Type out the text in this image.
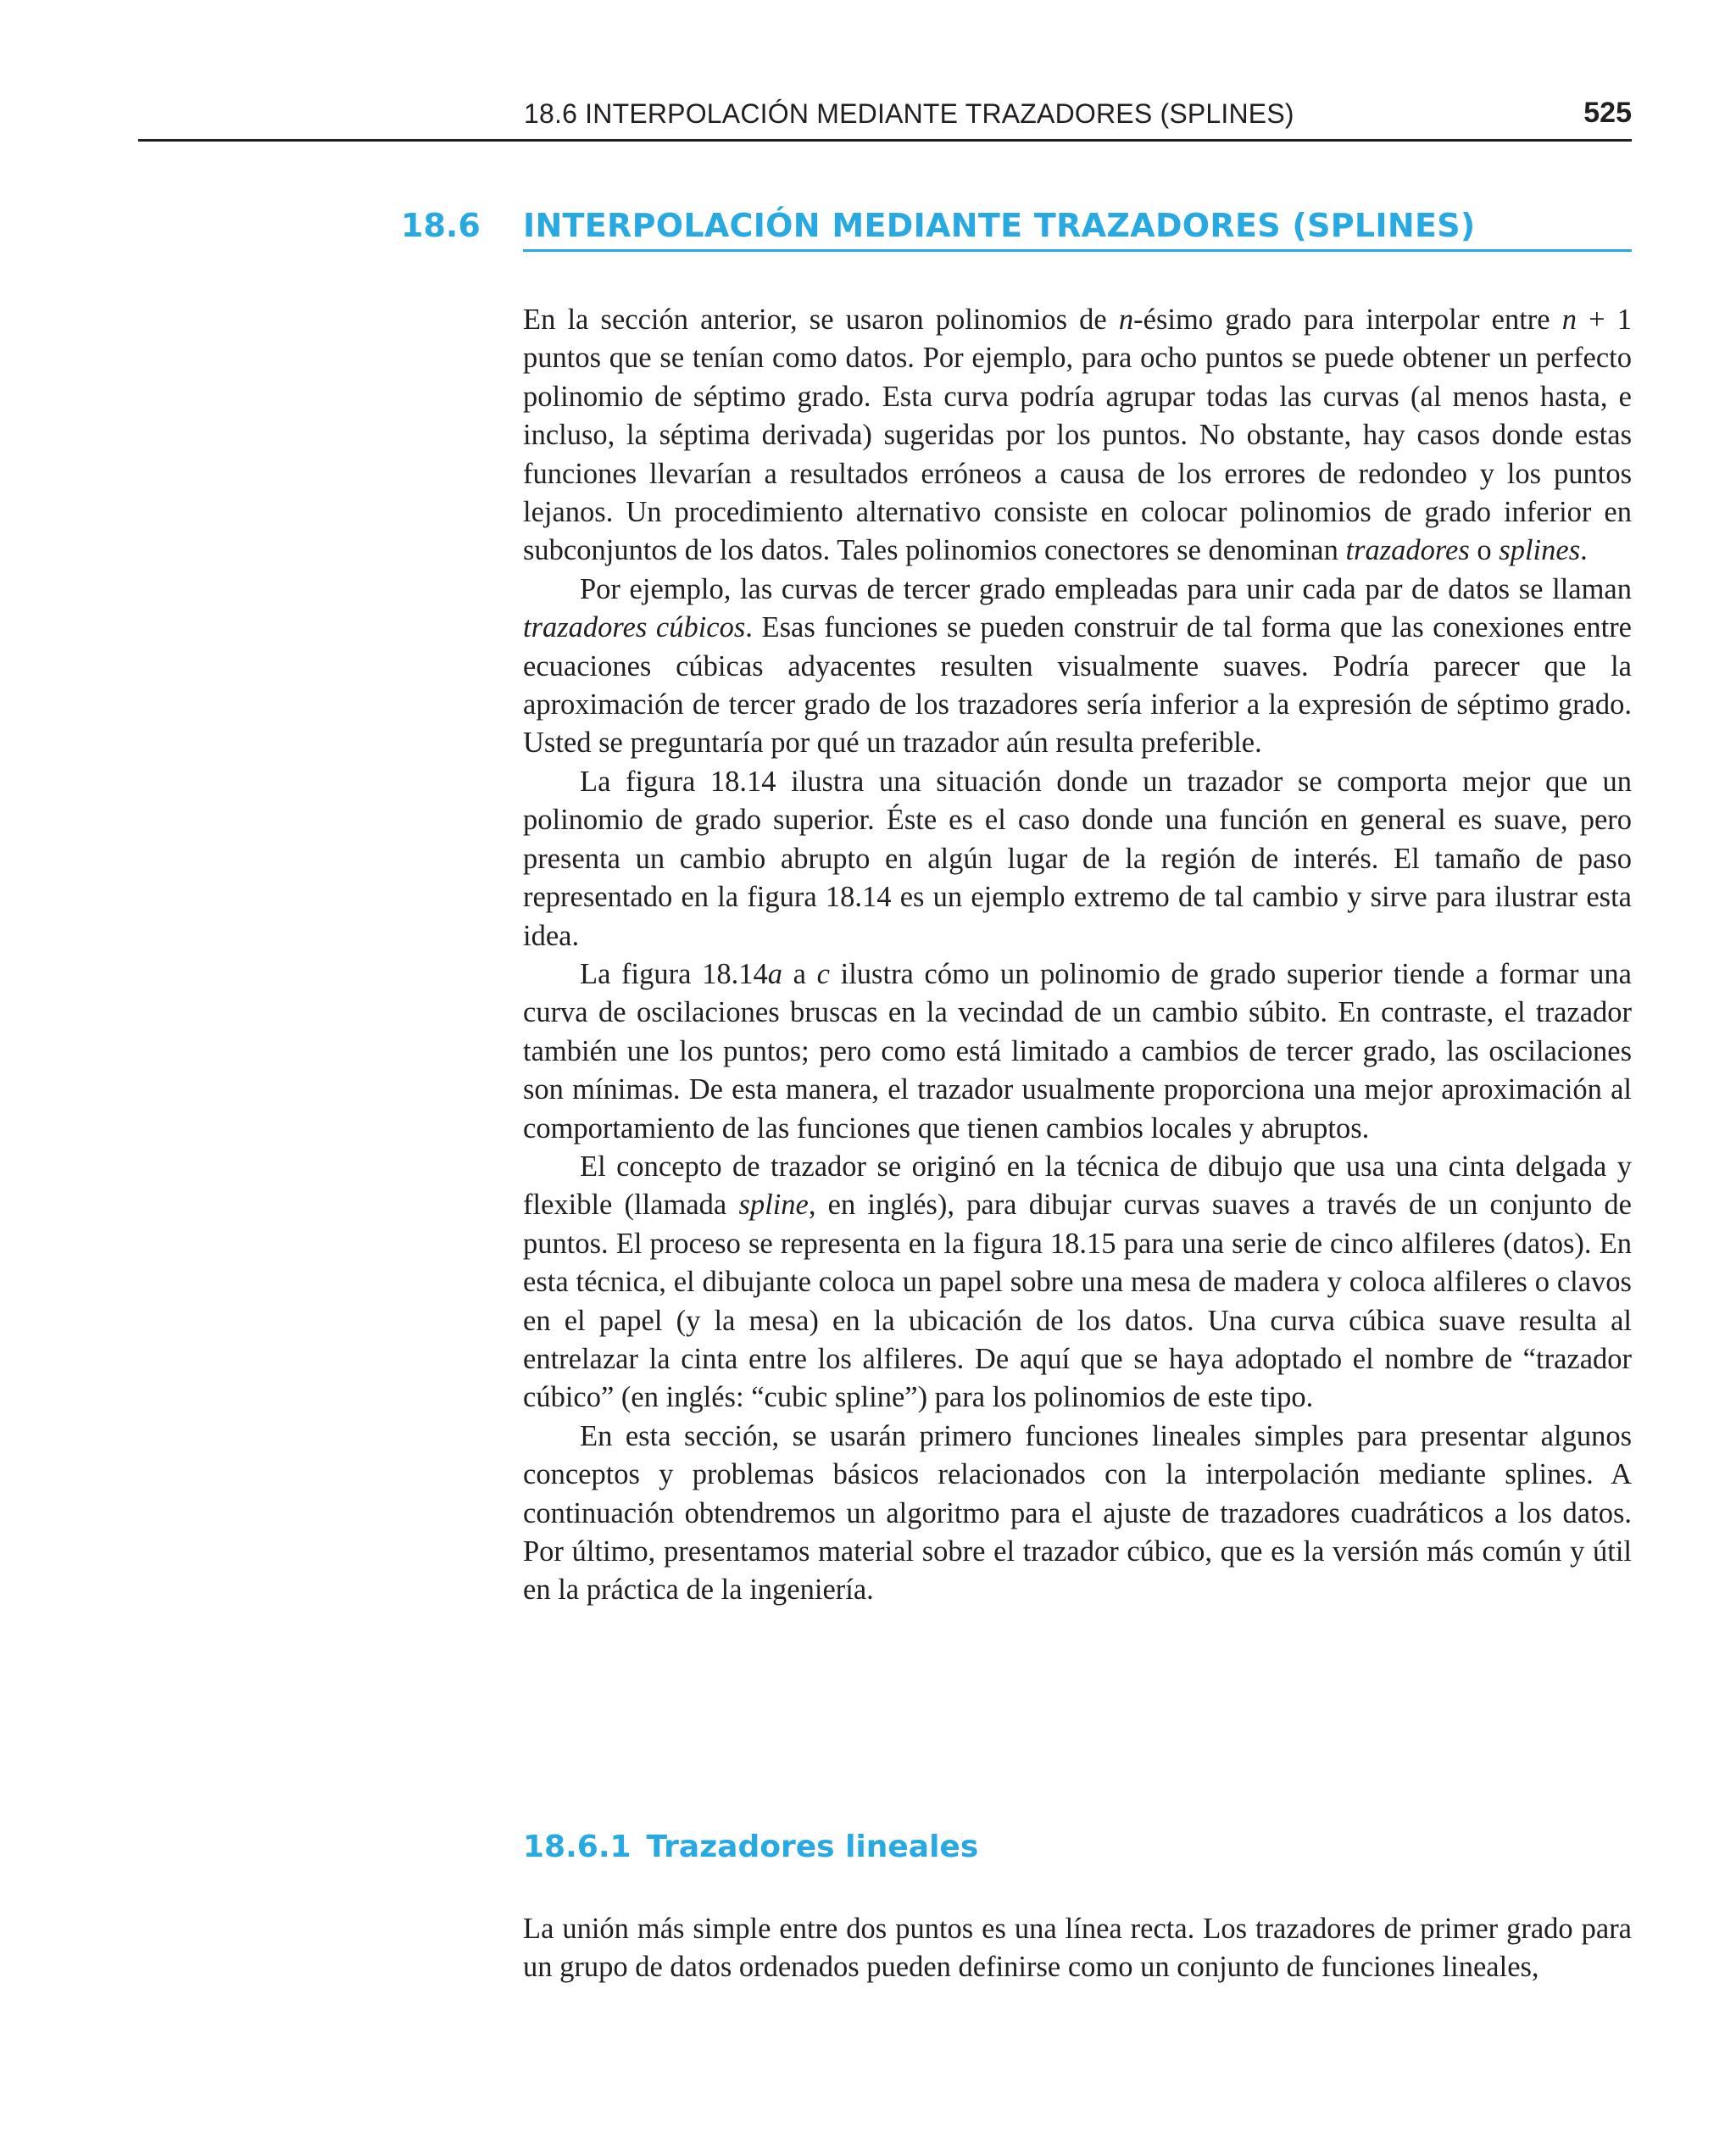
18.6 INTERPOLACIÓN MEDIANTE TRAZADORES (SPLINES)	525
18.6 INTERPOLACIÓN MEDIANTE TRAZADORES (SPLINES)

En la sección anterior, se usaron polinomios de n-ésimo grado para interpolar entre n + 1 puntos que se tenían como datos. Por ejemplo, para ocho puntos se puede obtener un perfecto polinomio de séptimo grado. Esta curva podría agrupar todas las curvas (al menos hasta, e incluso, la séptima derivada) sugeridas por los puntos. No obstante, hay casos donde estas funciones llevarían a resultados erróneos a causa de los errores de redondeo y los puntos lejanos. Un procedimiento alternativo consiste en colocar polinomios de grado inferior en subconjuntos de los datos. Tales polinomios conectores se denominan trazadores o splines.

Por ejemplo, las curvas de tercer grado empleadas para unir cada par de datos se llaman trazadores cúbicos. Esas funciones se pueden construir de tal forma que las conexiones entre ecuaciones cúbicas adyacentes resulten visualmente suaves. Podría parecer que la aproximación de tercer grado de los trazadores sería inferior a la expresión de séptimo grado. Usted se preguntaría por qué un trazador aún resulta preferible.

La figura 18.14 ilustra una situación donde un trazador se comporta mejor que un polinomio de grado superior. Éste es el caso donde una función en general es suave, pero presenta un cambio abrupto en algún lugar de la región de interés. El tamaño de paso representado en la figura 18.14 es un ejemplo extremo de tal cambio y sirve para ilustrar esta idea.

La figura 18.14a a c ilustra cómo un polinomio de grado superior tiende a formar una curva de oscilaciones bruscas en la vecindad de un cambio súbito. En contraste, el trazador también une los puntos; pero como está limitado a cambios de tercer grado, las oscilaciones son mínimas. De esta manera, el trazador usualmente proporciona una mejor aproximación al comportamiento de las funciones que tienen cambios locales y abruptos.

El concepto de trazador se originó en la técnica de dibujo que usa una cinta delgada y flexible (llamada spline, en inglés), para dibujar curvas suaves a través de un conjunto de puntos. El proceso se representa en la figura 18.15 para una serie de cinco alfileres (datos). En esta técnica, el dibujante coloca un papel sobre una mesa de madera y coloca alfileres o clavos en el papel (y la mesa) en la ubicación de los datos. Una curva cúbica suave resulta al entrelazar la cinta entre los alfileres. De aquí que se haya adoptado el nombre de “trazador cúbico” (en inglés: “cubic spline”) para los polinomios de este tipo.

En esta sección, se usarán primero funciones lineales simples para presentar algunos conceptos y problemas básicos relacionados con la interpolación mediante splines. A continuación obtendremos un algoritmo para el ajuste de trazadores cuadráticos a los datos. Por último, presentamos material sobre el trazador cúbico, que es la versión más común y útil en la práctica de la ingeniería.

18.6.1 Trazadores lineales

La unión más simple entre dos puntos es una línea recta. Los trazadores de primer grado para un grupo de datos ordenados pueden definirse como un conjunto de funciones lineales,
